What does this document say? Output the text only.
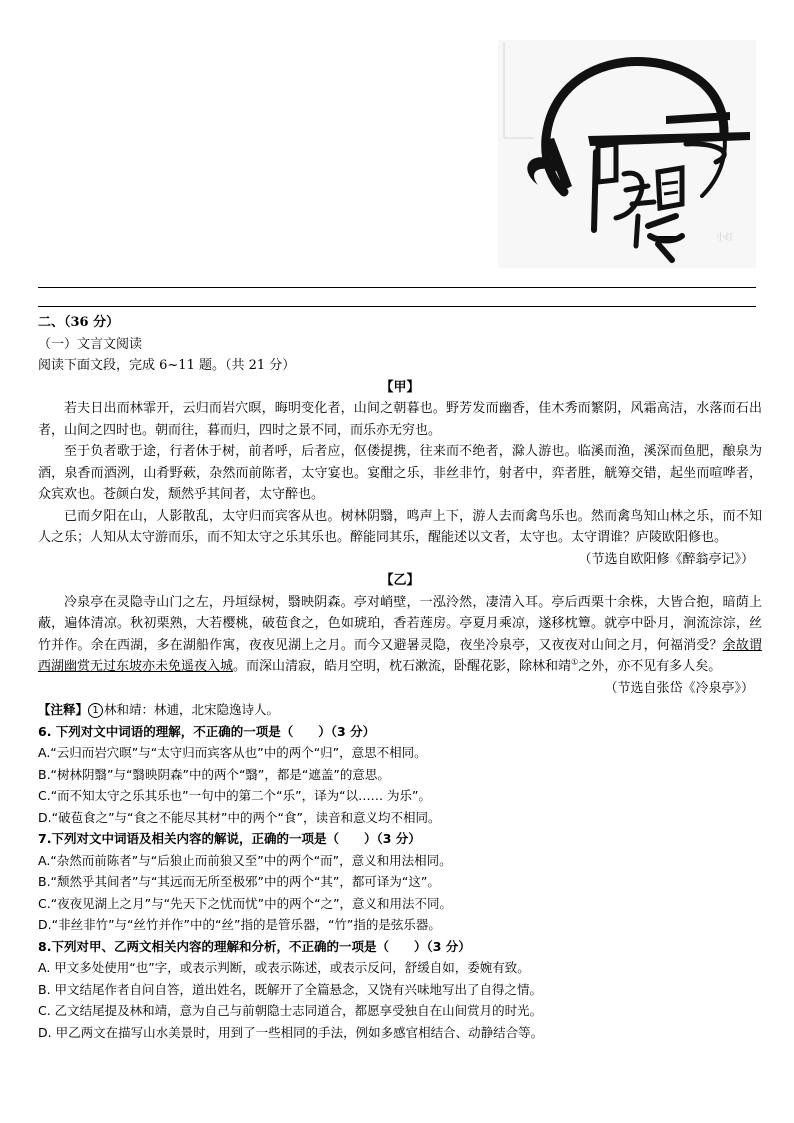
小红
二、（36 分）
（一）文言文阅读
阅读下面文段，完成 6~11 题。（共 21 分）
【甲】
若夫日出而林霏开，云归而岩穴暝，晦明变化者，山间之朝暮也。野芳发而幽香，佳木秀而繁阴，风霜高洁，水落而石出者，山间之四时也。朝而往，暮而归，四时之景不同，而乐亦无穷也。
至于负者歌于途，行者休于树，前者呼，后者应，伛偻提携，往来而不绝者，滁人游也。临溪而渔，溪深而鱼肥，酿泉为酒，泉香而酒洌，山肴野蔌，杂然而前陈者，太守宴也。宴酣之乐，非丝非竹，射者中，弈者胜，觥筹交错，起坐而喧哗者，众宾欢也。苍颜白发，颓然乎其间者，太守醉也。
已而夕阳在山，人影散乱，太守归而宾客从也。树林阴翳，鸣声上下，游人去而禽鸟乐也。然而禽鸟知山林之乐，而不知人之乐；人知从太守游而乐，而不知太守之乐其乐也。醉能同其乐，醒能述以文者，太守也。太守谓谁？庐陵欧阳修也。
（节选自欧阳修《醉翁亭记》）
【乙】
冷泉亭在灵隐寺山门之左，丹垣绿树，翳映阴森。亭对峭壁，一泓泠然，凄清入耳。亭后西栗十余株，大皆合抱，暗荫上蔽，遍体清凉。秋初栗熟，大若樱桃，破苞食之，色如琥珀，香若莲房。亭夏月乘凉，遂移枕簟。就亭中卧月，涧流淙淙，丝竹并作。余在西湖，多在湖船作寓，夜夜见湖上之月。而今又避暑灵隐，夜坐冷泉亭，又夜夜对山间之月，何福消受？余故谓西湖幽赏无过东坡亦未免遥夜入城。而深山清寂，皓月空明，枕石漱流，卧醒花影，除林和靖①之外，亦不见有多人矣。
（节选自张岱《冷泉亭》）
【注释】 1 林和靖：林逋，北宋隐逸诗人。
6. 下列对文中词语的理解，不正确的一项是（　　）（3 分）
A.“云归而岩穴暝”与“太守归而宾客从也”中的两个“归”，意思不相同。
B.“树林阴翳”与“翳映阴森”中的两个“翳”，都是“遮盖”的意思。
C.“而不知太守之乐其乐也”一句中的第二个“乐”，译为“以…… 为乐”。
D.“破苞食之”与“食之不能尽其材”中的两个“食”，读音和意义均不相同。
7.下列对文中词语及相关内容的解说，正确的一项是（　　）（3 分）
A.“杂然而前陈者”与“后狼止而前狼又至”中的两个“而”，意义和用法相同。
B.“颓然乎其间者”与“其远而无所至极邪”中的两个“其”，都可译为“这”。
C.“夜夜见湖上之月”与“先天下之忧而忧”中的两个“之”，意义和用法不同。
D.“非丝非竹”与“丝竹并作”中的“丝”指的是管乐器，“竹”指的是弦乐器。
8.下列对甲、乙两文相关内容的理解和分析，不正确的一项是（　　）（3 分）
A. 甲文多处使用“也”字，或表示判断，或表示陈述，或表示反问，舒缓自如，委婉有致。
B. 甲文结尾作者自问自答，道出姓名，既解开了全篇悬念，又饶有兴味地写出了自得之情。
C. 乙文结尾提及林和靖，意为自己与前朝隐士志同道合，都愿享受独自在山间赏月的时光。
D. 甲乙两文在描写山水美景时，用到了一些相同的手法，例如多感官相结合、动静结合等。
